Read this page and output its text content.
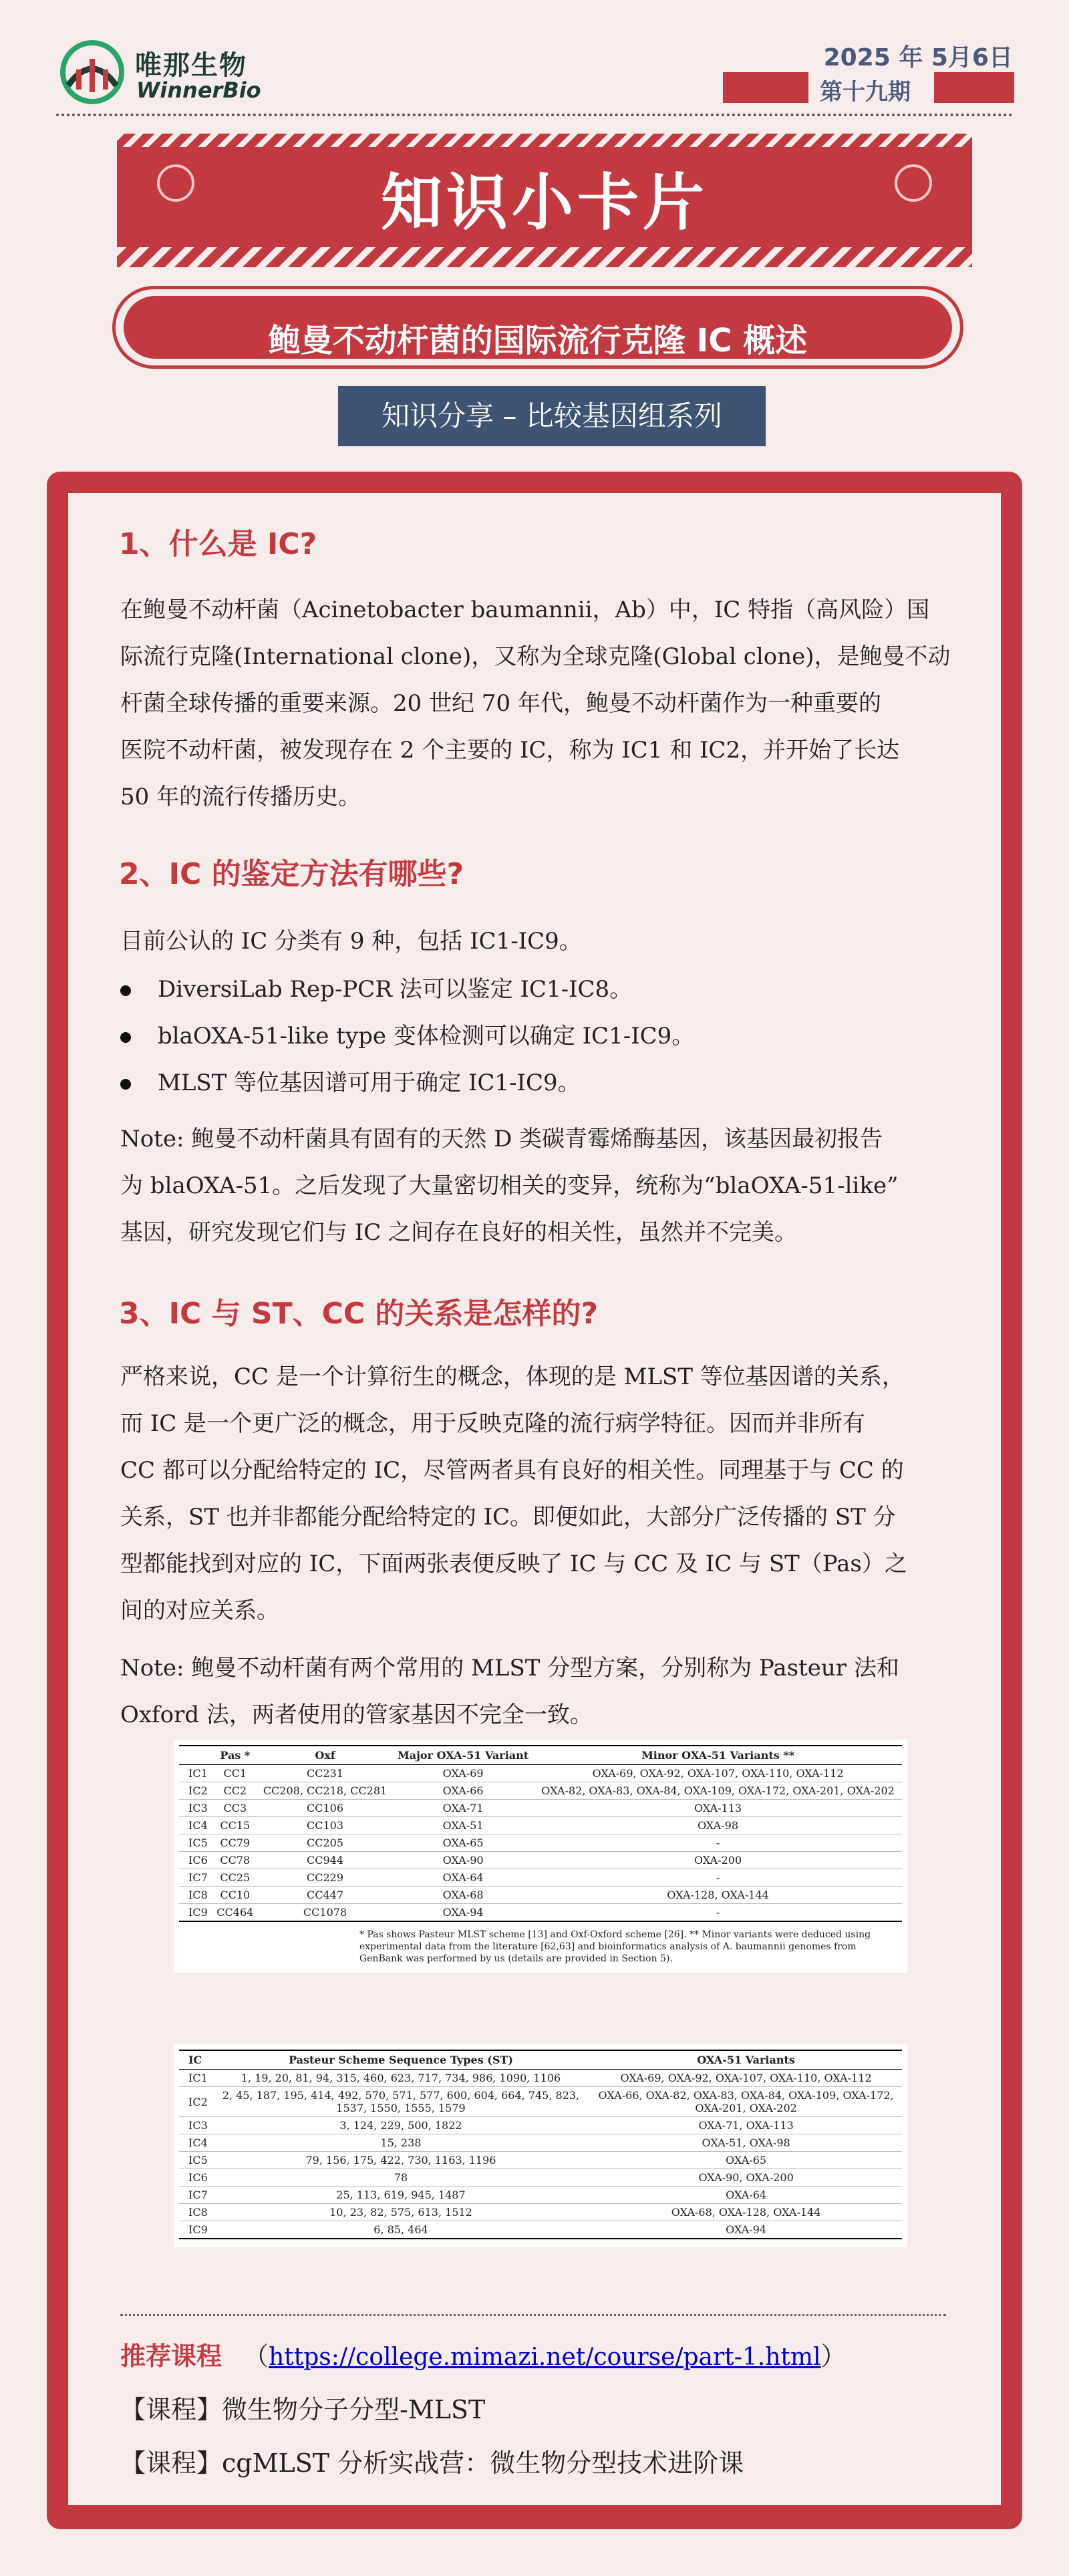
唯那生物
WinnerBio
2025 年 5月6日
第十九期
知识小卡片
鲍曼不动杆菌的国际流行克隆 IC 概述
知识分享 – 比较基因组系列
1、什么是 IC?
在鲍曼不动杆菌（Acinetobacter baumannii，Ab）中，IC 特指（高风险）国
际流行克隆(International clone)，又称为全球克隆(Global clone)，是鲍曼不动
杆菌全球传播的重要来源。20 世纪 70 年代，鲍曼不动杆菌作为一种重要的
医院不动杆菌，被发现存在 2 个主要的 IC，称为 IC1 和 IC2，并开始了长达
50 年的流行传播历史。
2、IC 的鉴定方法有哪些?
目前公认的 IC 分类有 9 种，包括 IC1-IC9。
DiversiLab Rep-PCR 法可以鉴定 IC1-IC8。
blaOXA-51-like type 变体检测可以确定 IC1-IC9。
MLST 等位基因谱可用于确定 IC1-IC9。
Note: 鲍曼不动杆菌具有固有的天然 D 类碳青霉烯酶基因，该基因最初报告
为 blaOXA-51。之后发现了大量密切相关的变异，统称为“blaOXA-51-like”
基因，研究发现它们与 IC 之间存在良好的相关性，虽然并不完美。
3、IC 与 ST、CC 的关系是怎样的?
严格来说，CC 是一个计算衍生的概念，体现的是 MLST 等位基因谱的关系，
而 IC 是一个更广泛的概念，用于反映克隆的流行病学特征。因而并非所有
CC 都可以分配给特定的 IC，尽管两者具有良好的相关性。同理基于与 CC 的
关系，ST 也并非都能分配给特定的 IC。即便如此，大部分广泛传播的 ST 分
型都能找到对应的 IC，下面两张表便反映了 IC 与 CC 及 IC 与 ST（Pas）之
间的对应关系。
Note: 鲍曼不动杆菌有两个常用的 MLST 分型方案，分别称为 Pasteur 法和
Oxford 法，两者使用的管家基因不完全一致。
	Pas *	Oxf	Major OXA-51 Variant	Minor OXA-51 Variants **
IC1	CC1	CC231	OXA-69	OXA-69, OXA-92, OXA-107, OXA-110, OXA-112
IC2	CC2	CC208, CC218, CC281	OXA-66	OXA-82, OXA-83, OXA-84, OXA-109, OXA-172, OXA-201, OXA-202
IC3	CC3	CC106	OXA-71	OXA-113
IC4	CC15	CC103	OXA-51	OXA-98
IC5	CC79	CC205	OXA-65	-
IC6	CC78	CC944	OXA-90	OXA-200
IC7	CC25	CC229	OXA-64	-
IC8	CC10	CC447	OXA-68	OXA-128, OXA-144
IC9	CC464	CC1078	OXA-94	-
* Pas shows Pasteur MLST scheme [13] and Oxf-Oxford scheme [26]. ** Minor variants were deduced using experimental data from the literature [62,63] and bioinformatics analysis of A. baumannii genomes from GenBank was performed by us (details are provided in Section 5).
IC	Pasteur Scheme Sequence Types (ST)	OXA-51 Variants
IC1	1, 19, 20, 81, 94, 315, 460, 623, 717, 734, 986, 1090, 1106	OXA-69, OXA-92, OXA-107, OXA-110, OXA-112
IC2	2, 45, 187, 195, 414, 492, 570, 571, 577, 600, 604, 664, 745, 823, 1537, 1550, 1555, 1579	OXA-66, OXA-82, OXA-83, OXA-84, OXA-109, OXA-172, OXA-201, OXA-202
IC3	3, 124, 229, 500, 1822	OXA-71, OXA-113
IC4	15, 238	OXA-51, OXA-98
IC5	79, 156, 175, 422, 730, 1163, 1196	OXA-65
IC6	78	OXA-90, OXA-200
IC7	25, 113, 619, 945, 1487	OXA-64
IC8	10, 23, 82, 575, 613, 1512	OXA-68, OXA-128, OXA-144
IC9	6, 85, 464	OXA-94
推荐课程 （https://college.mimazi.net/course/part-1.html）
【课程】微生物分子分型-MLST
【课程】cgMLST 分析实战营：微生物分型技术进阶课
